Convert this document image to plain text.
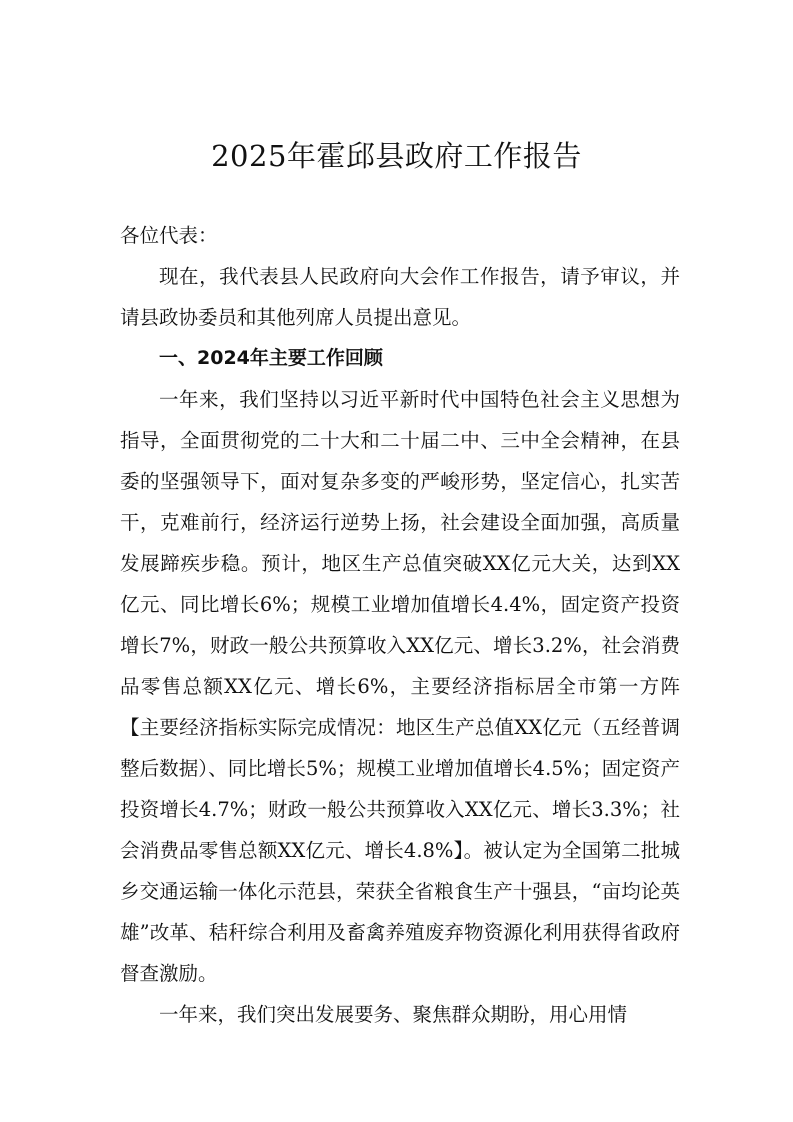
2025年霍邱县政府工作报告

各位代表：

现在，我代表县人民政府向大会作工作报告，请予审议，并请县政协委员和其他列席人员提出意见。

一、2024年主要工作回顾

一年来，我们坚持以习近平新时代中国特色社会主义思想为指导，全面贯彻党的二十大和二十届二中、三中全会精神，在县委的坚强领导下，面对复杂多变的严峻形势，坚定信心，扎实苦干，克难前行，经济运行逆势上扬，社会建设全面加强，高质量发展蹄疾步稳。预计，地区生产总值突破XX亿元大关，达到XX亿元、同比增长6%；规模工业增加值增长4.4%，固定资产投资增长7%，财政一般公共预算收入XX亿元、增长3.2%，社会消费品零售总额XX亿元、增长6%，主要经济指标居全市第一方阵【主要经济指标实际完成情况：地区生产总值XX亿元（五经普调整后数据）、同比增长5%；规模工业增加值增长4.5%；固定资产投资增长4.7%；财政一般公共预算收入XX亿元、增长3.3%；社会消费品零售总额XX亿元、增长4.8%】。被认定为全国第二批城乡交通运输一体化示范县，荣获全省粮食生产十强县，“亩均论英雄”改革、秸秆综合利用及畜禽养殖废弃物资源化利用获得省政府督查激励。

一年来，我们突出发展要务、聚焦群众期盼，用心用情
